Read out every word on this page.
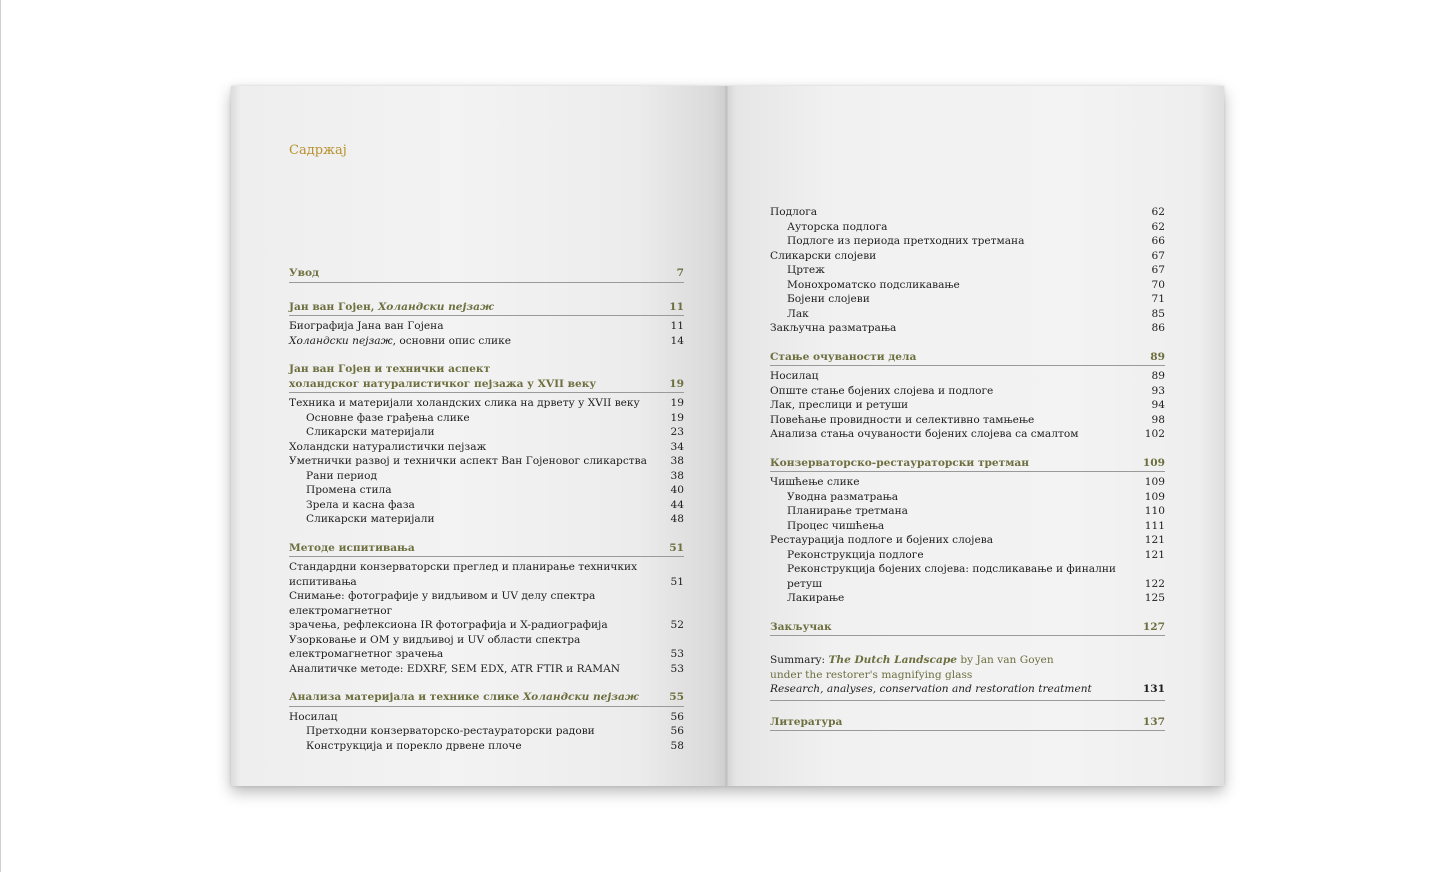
Садржај
Увод	7
Јан ван Гојен, Холандски пејзаж	11
Биографија Јана ван Гојена	11
Холандски пејзаж, основни опис слике	14
Јан ван Гојен и технички аспект
холандског натуралистичког пејзажа у XVII веку	19
Техника и материјали холандских слика на дрвету у XVII веку	19
Основне фазе грађења слике	19
Сликарски материјали	23
Холандски натуралистички пејзаж	34
Уметнички развој и технички аспект Ван Гојеновог сликарства	38
Рани период	38
Промена стила	40
Зрела и касна фаза	44
Сликарски материјали	48
Методе испитивања	51
Стандардни конзерваторски преглед и планирање техничких испитивања	51
Снимање: фотографије у видљивом и UV делу спектра електромагнетног
зрачења, рефлексиона IR фотографија и X-радиографија	52
Узорковање и ОМ у видљивој и UV области спектра
електромагнетног зрачења	53
Аналитичке методе: EDXRF, SEM EDX, ATR FTIR и RAMAN	53
Анализа материјала и технике слике Холандски пејзаж	55
Носилац	56
Претходни конзерваторско-рестаураторски радови	56
Конструкција и порекло дрвене плоче	58
Подлога	62
Ауторска подлога	62
Подлоге из периода претходних третмана	66
Сликарски слојеви	67
Цртеж	67
Монохроматско подсликавање	70
Бојени слојеви	71
Лак	85
Закључна разматрања	86
Стање очуваности дела	89
Носилац	89
Опште стање бојених слојева и подлоге	93
Лак, преслици и ретуши	94
Повећање провидности и селективно тамњење	98
Анализа стања очуваности бојених слојева са смалтом	102
Конзерваторско-рестаураторски третман	109
Чишћење слике	109
Уводна разматрања	109
Планирање третмана	110
Процес чишћења	111
Рестаурација подлоге и бојених слојева	121
Реконструкција подлоге	121
Реконструкција бојених слојева: подсликавање и финални ретуш	122
Лакирање	125
Закључак	127
Summary: The Dutch Landscape by Jan van Goyen
under the restorer's magnifying glass
Research, analyses, conservation and restoration treatment	131
Литература	137
